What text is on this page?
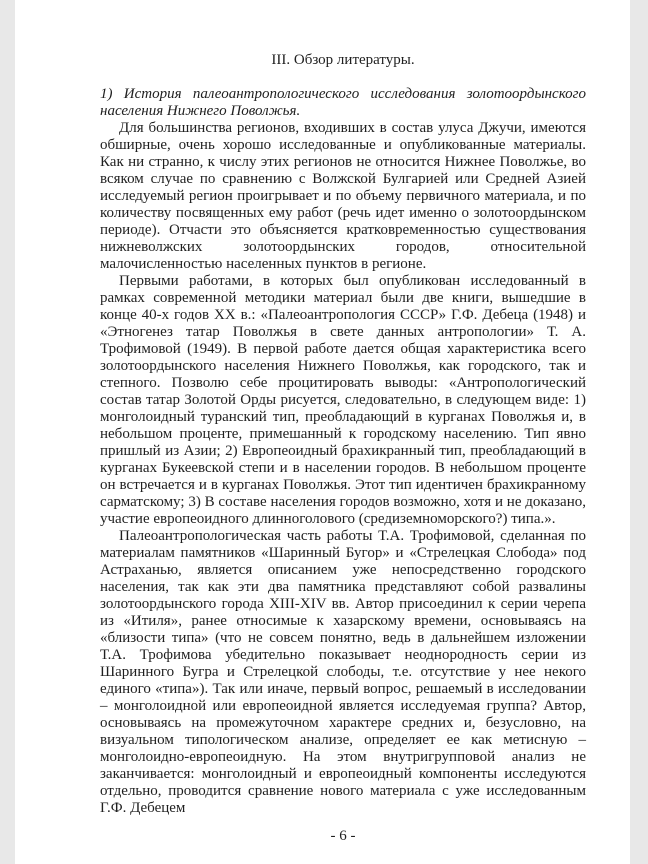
III. Обзор литературы.
1) История палеоантропологического исследования золотоордынского населения Нижнего Поволжья.

Для большинства регионов, входивших в состав улуса Джучи, имеются обширные, очень хорошо исследованные и опубликованные материалы. Как ни странно, к числу этих регионов не относится Нижнее Поволжье, во всяком случае по сравнению с Волжской Булгарией или Средней Азией исследуемый регион проигрывает и по объему первичного материала, и по количеству посвященных ему работ (речь идет именно о золотоордынском периоде). Отчасти это объясняется кратковременностью существования нижневолжских золотоордынских городов, относительной малочисленностью населенных пунктов в регионе.

Первыми работами, в которых был опубликован исследованный в рамках современной методики материал были две книги, вышедшие в конце 40-х годов XX в.: «Палеоантропология СССР» Г.Ф. Дебеца (1948) и «Этногенез татар Поволжья в свете данных антропологии» Т. А. Трофимовой (1949). В первой работе дается общая характеристика всего золотоордынского населения Нижнего Поволжья, как городского, так и степного. Позволю себе процитировать выводы: «Антропологический состав татар Золотой Орды рисуется, следовательно, в следующем виде: 1) монголоидный туранский тип, преобладающий в курганах Поволжья и, в небольшом проценте, примешанный к городскому населению. Тип явно пришлый из Азии; 2) Европеоидный брахикранный тип, преобладающий в курганах Букеевской степи и в населении городов. В небольшом проценте он встречается и в курганах Поволжья. Этот тип идентичен брахикранному сарматскому; 3) В составе населения городов возможно, хотя и не доказано, участие европеоидного длинноголового (средиземноморского?) типа.».

Палеоантропологическая часть работы Т.А. Трофимовой, сделанная по материалам памятников «Шаринный Бугор» и «Стрелецкая Слобода» под Астраханью, является описанием уже непосредственно городского населения, так как эти два памятника представляют собой развалины золотоордынского города XIII-XIV вв. Автор присоединил к серии черепа из «Итиля», ранее относимые к хазарскому времени, основываясь на «близости типа» (что не совсем понятно, ведь в дальнейшем изложении Т.А. Трофимова убедительно показывает неоднородность серии из Шаринного Бугра и Стрелецкой слободы, т.е. отсутствие у нее некого единого «типа»). Так или иначе, первый вопрос, решаемый в исследовании – монголоидной или европеоидной является исследуемая группа? Автор, основываясь на промежуточном характере средних и, безусловно, на визуальном типологическом анализе, определяет ее как метисную – монголоидно-европеоидную. На этом внутригрупповой анализ не заканчивается: монголоидный и европеоидный компоненты исследуются отдельно, проводится сравнение нового материала с уже исследованным Г.Ф. Дебецем

- 6 -
